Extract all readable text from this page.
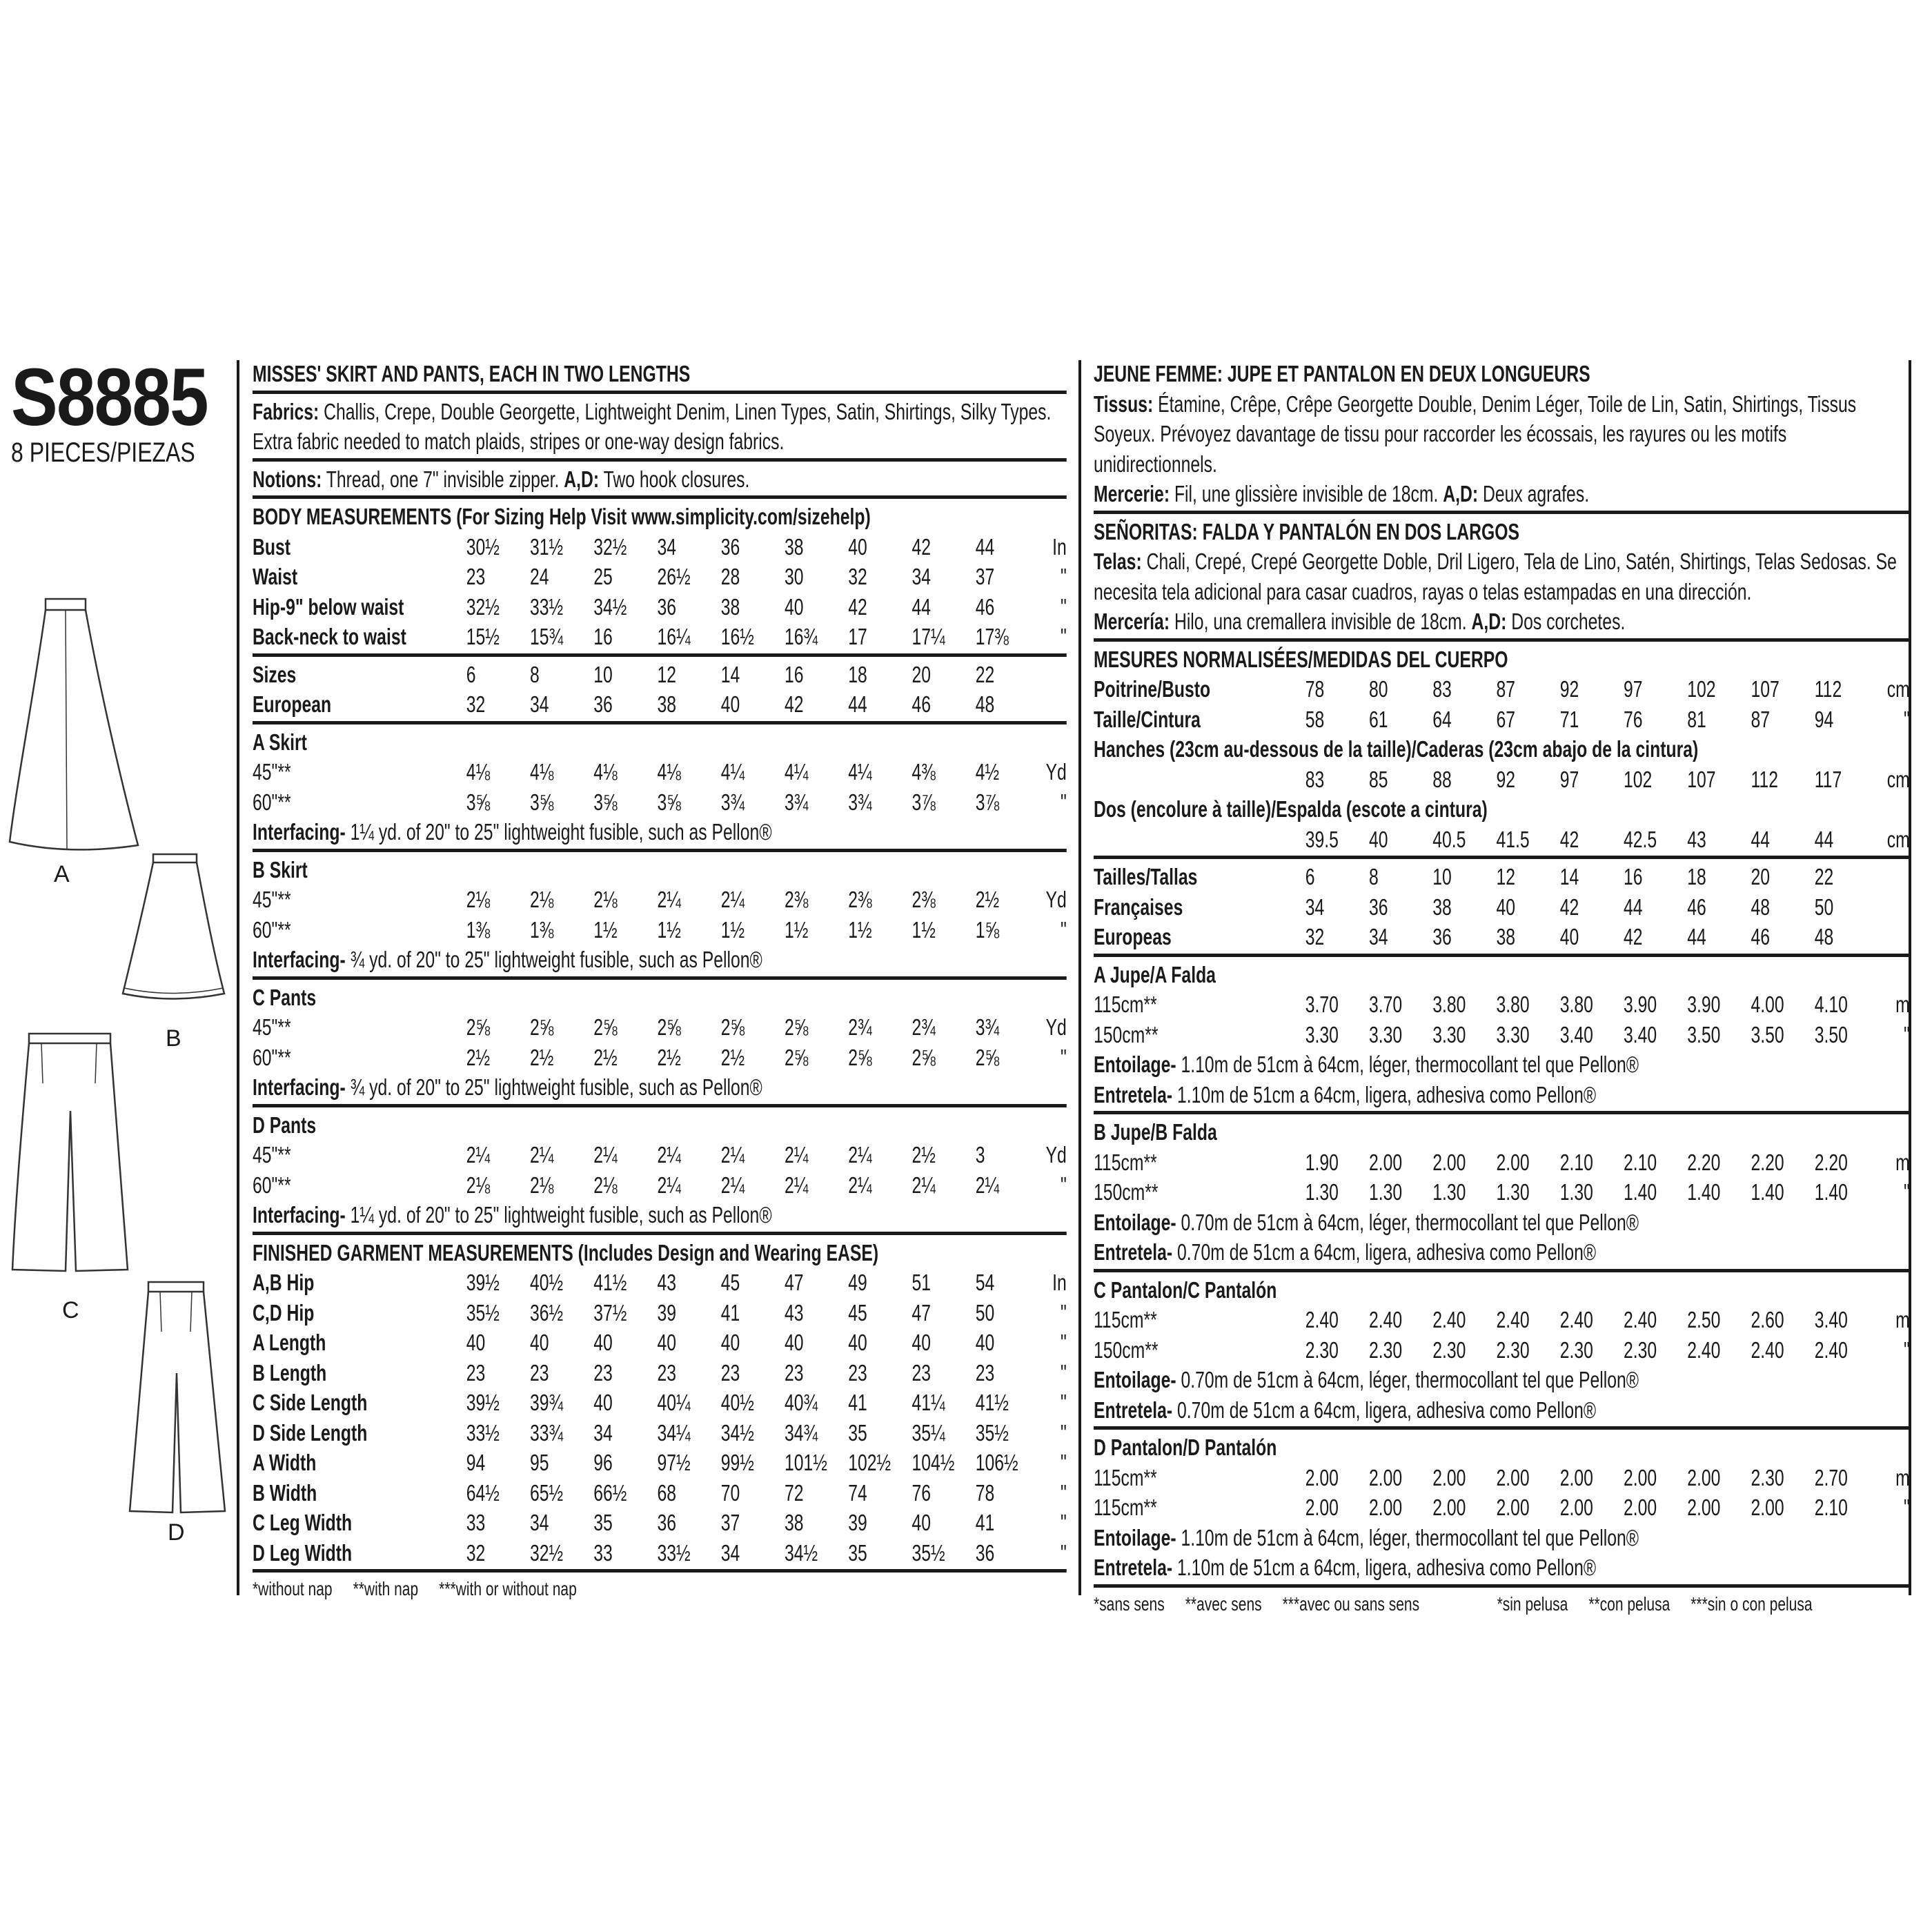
S8885
8 PIECES/PIEZAS
A
B
C
D
MISSES' SKIRT AND PANTS, EACH IN TWO LENGTHS
Fabrics: Challis, Crepe, Double Georgette, Lightweight Denim, Linen Types, Satin, Shirtings, Silky Types. Extra fabric needed to match plaids, stripes or one-way design fabrics.
Notions: Thread, one 7" invisible zipper. A,D: Two hook closures.
BODY MEASUREMENTS (For Sizing Help Visit www.simplicity.com/sizehelp)
Bust	30½	31½	32½	34	36	38	40	42	44	In
Waist	23	24	25	26½	28	30	32	34	37	"
Hip-9" below waist	32½	33½	34½	36	38	40	42	44	46	"
Back-neck to waist	15½	15¾	16	16¼	16½	16¾	17	17¼	17⅜	"
Sizes	6	8	10	12	14	16	18	20	22
European	32	34	36	38	40	42	44	46	48
A Skirt
45"**	4⅛	4⅛	4⅛	4⅛	4¼	4¼	4¼	4⅜	4½	Yd
60"**	3⅝	3⅝	3⅝	3⅝	3¾	3¾	3¾	3⅞	3⅞	"
Interfacing- 1¼ yd. of 20" to 25" lightweight fusible, such as Pellon®
B Skirt
45"**	2⅛	2⅛	2⅛	2¼	2¼	2⅜	2⅜	2⅜	2½	Yd
60"**	1⅜	1⅜	1½	1½	1½	1½	1½	1½	1⅝	"
Interfacing- ¾ yd. of 20" to 25" lightweight fusible, such as Pellon®
C Pants
45"**	2⅝	2⅝	2⅝	2⅝	2⅝	2⅝	2¾	2¾	3¾	Yd
60"**	2½	2½	2½	2½	2½	2⅝	2⅝	2⅝	2⅝	"
Interfacing- ¾ yd. of 20" to 25" lightweight fusible, such as Pellon®
D Pants
45"**	2¼	2¼	2¼	2¼	2¼	2¼	2¼	2½	3	Yd
60"**	2⅛	2⅛	2⅛	2¼	2¼	2¼	2¼	2¼	2¼	"
Interfacing- 1¼ yd. of 20" to 25" lightweight fusible, such as Pellon®
FINISHED GARMENT MEASUREMENTS (Includes Design and Wearing EASE)
A,B Hip	39½	40½	41½	43	45	47	49	51	54	In
C,D Hip	35½	36½	37½	39	41	43	45	47	50	"
A Length	40	40	40	40	40	40	40	40	40	"
B Length	23	23	23	23	23	23	23	23	23	"
C Side Length	39½	39¾	40	40¼	40½	40¾	41	41¼	41½	"
D Side Length	33½	33¾	34	34¼	34½	34¾	35	35¼	35½	"
A Width	94	95	96	97½	99½	101½ 102½ 104½ 106½	"
B Width	64½	65½	66½	68	70	72	74	76	78	"
C Leg Width	33	34	35	36	37	38	39	40	41	"
D Leg Width	32	32½	33	33½	34	34½	35	35½	36	"
*without nap **with nap ***with or without nap
JEUNE FEMME: JUPE ET PANTALON EN DEUX LONGUEURS
Tissus: Étamine, Crêpe, Crêpe Georgette Double, Denim Léger, Toile de Lin, Satin, Shirtings, Tissus Soyeux. Prévoyez davantage de tissu pour raccorder les écossais, les rayures ou les motifs unidirectionnels.
Mercerie: Fil, une glissière invisible de 18cm. A,D: Deux agrafes.
SEÑORITAS: FALDA Y PANTALÓN EN DOS LARGOS
Telas: Chali, Crepé, Crepé Georgette Doble, Dril Ligero, Tela de Lino, Satén, Shirtings, Telas Sedosas. Se necesita tela adicional para casar cuadros, rayas o telas estampadas en una dirección.
Mercería: Hilo, una cremallera invisible de 18cm. A,D: Dos corchetes.
MESURES NORMALISÉES/MEDIDAS DEL CUERPO
Poitrine/Busto	78	80	83	87	92	97	102	107	112	cm
Taille/Cintura	58	61	64	67	71	76	81	87	94	"
Hanches (23cm au-dessous de la taille)/Caderas (23cm abajo de la cintura)
83	85	88	92	97	102	107	112	117	cm
Dos (encolure à taille)/Espalda (escote a cintura)
39.5	40	40.5	41.5	42	42.5	43	44	44	cm
Tailles/Tallas	6	8	10	12	14	16	18	20	22
Françaises	34	36	38	40	42	44	46	48	50
Europeas	32	34	36	38	40	42	44	46	48
A Jupe/A Falda
115cm**	3.70	3.70	3.80	3.80	3.80	3.90	3.90	4.00	4.10	m
150cm**	3.30	3.30	3.30	3.30	3.40	3.40	3.50	3.50	3.50	"
Entoilage- 1.10m de 51cm à 64cm, léger, thermocollant tel que Pellon®
Entretela- 1.10m de 51cm a 64cm, ligera, adhesiva como Pellon®
B Jupe/B Falda
115cm**	1.90	2.00	2.00	2.00	2.10	2.10	2.20	2.20	2.20	m
150cm**	1.30	1.30	1.30	1.30	1.30	1.40	1.40	1.40	1.40	"
Entoilage- 0.70m de 51cm à 64cm, léger, thermocollant tel que Pellon®
Entretela- 0.70m de 51cm a 64cm, ligera, adhesiva como Pellon®
C Pantalon/C Pantalón
115cm**	2.40	2.40	2.40	2.40	2.40	2.40	2.50	2.60	3.40	m
150cm**	2.30	2.30	2.30	2.30	2.30	2.30	2.40	2.40	2.40	"
Entoilage- 0.70m de 51cm à 64cm, léger, thermocollant tel que Pellon®
Entretela- 0.70m de 51cm a 64cm, ligera, adhesiva como Pellon®
D Pantalon/D Pantalón
115cm**	2.00	2.00	2.00	2.00	2.00	2.00	2.00	2.30	2.70	m
115cm**	2.00	2.00	2.00	2.00	2.00	2.00	2.00	2.00	2.10	"
Entoilage- 1.10m de 51cm à 64cm, léger, thermocollant tel que Pellon®
Entretela- 1.10m de 51cm a 64cm, ligera, adhesiva como Pellon®
*sans sens **avec sens ***avec ou sans sens	*sin pelusa **con pelusa ***sin o con pelusa
